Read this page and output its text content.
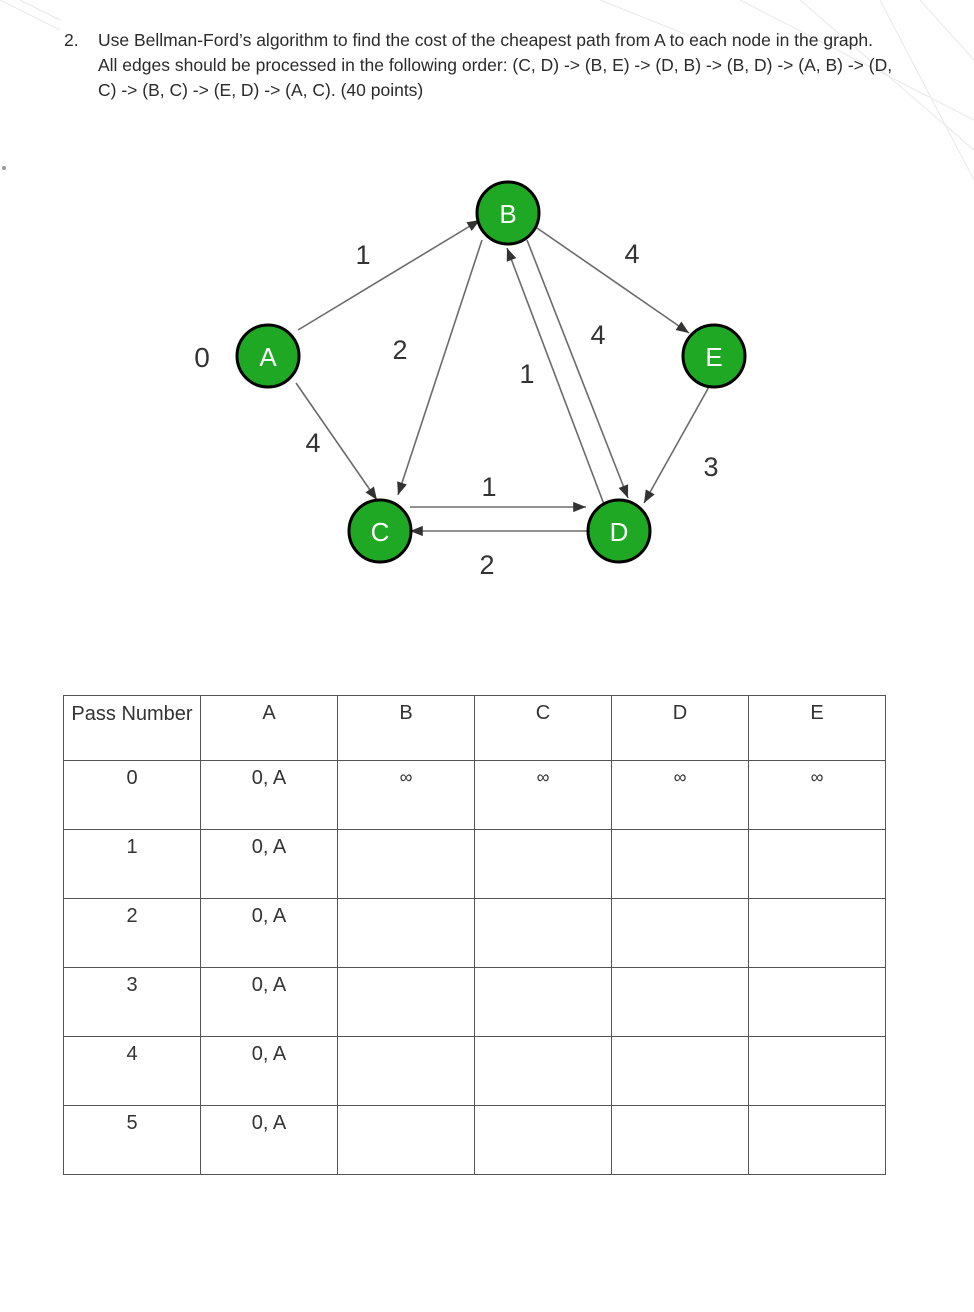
2. Use Bellman-Ford’s algorithm to find the cost of the cheapest path from A to each node in the graph.
All edges should be processed in the following order: (C, D) -> (B, E) -> (D, B) -> (B, D) -> (A, B) -> (D,
C) -> (B, C) -> (E, D) -> (A, C). (40 points)
1
4
2
4
4
1
1
2
3
0 A
B
C	D
E
Pass Number	A	B	C	D	E
0	0, A	∞	∞	∞	∞
1	0, A				
2	0, A				
3	0, A				
4	0, A				
5	0, A				
